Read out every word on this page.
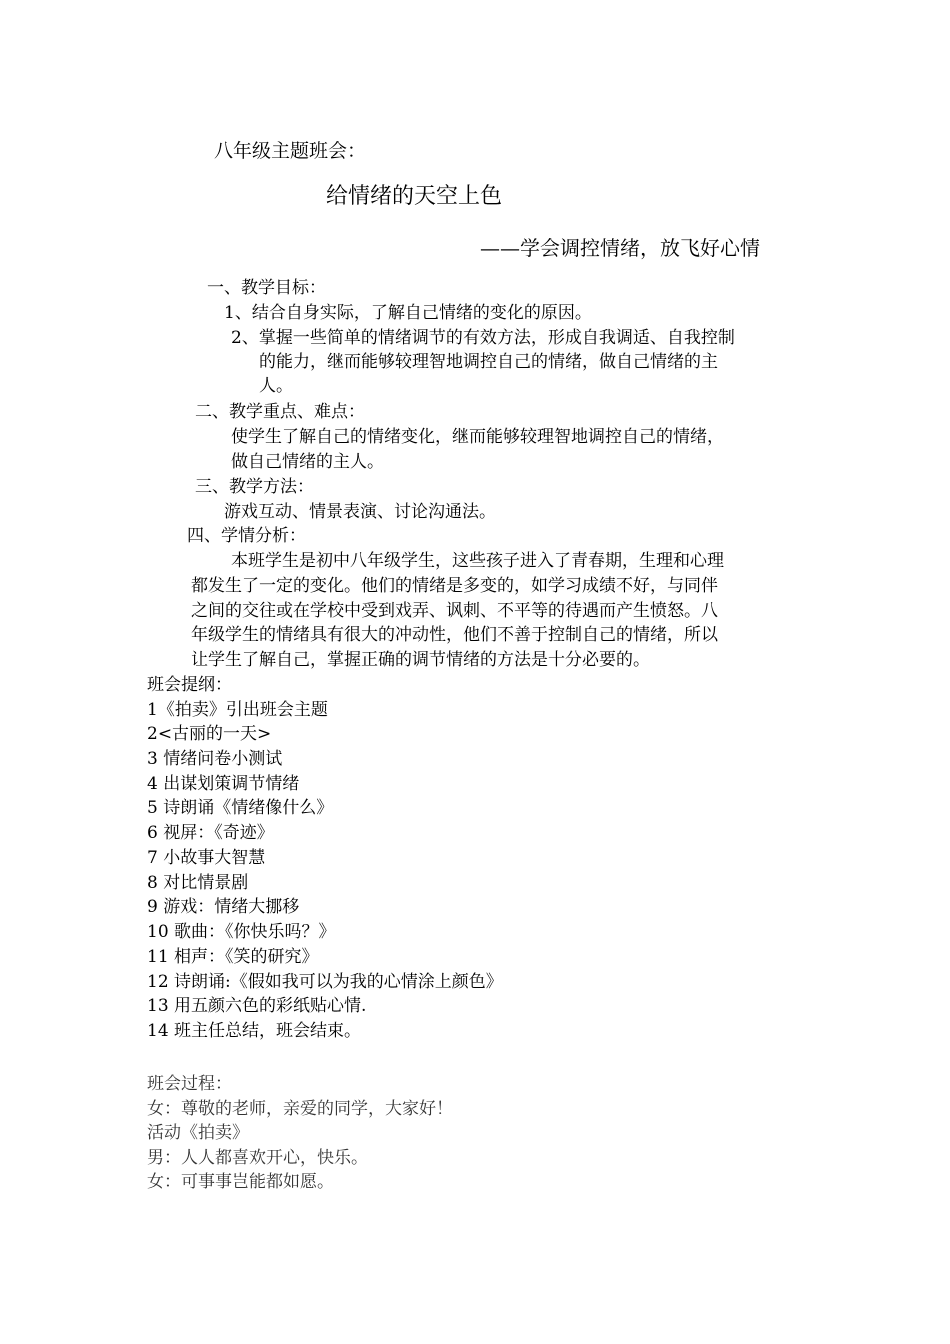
八年级主题班会：
给情绪的天空上色
——学会调控情绪，放飞好心情
一、教学目标：
1、结合自身实际，了解自己情绪的变化的原因。
2、掌握一些简单的情绪调节的有效方法，形成自我调适、自我控制
的能力，继而能够较理智地调控自己的情绪，做自己情绪的主
人。
二、教学重点、难点：
使学生了解自己的情绪变化，继而能够较理智地调控自己的情绪，
做自己情绪的主人。
三、教学方法：
游戏互动、情景表演、讨论沟通法。
四、学情分析：
本班学生是初中八年级学生，这些孩子进入了青春期，生理和心理
都发生了一定的变化。他们的情绪是多变的，如学习成绩不好，与同伴
之间的交往或在学校中受到戏弄、讽刺、不平等的待遇而产生愤怒。八
年级学生的情绪具有很大的冲动性，他们不善于控制自己的情绪，所以
让学生了解自己，掌握正确的调节情绪的方法是十分必要的。
班会提纲：
1《拍卖》引出班会主题
2<古丽的一天>
3 情绪问卷小测试
4 出谋划策调节情绪
5 诗朗诵《情绪像什么》
6 视屏：《奇迹》
7 小故事大智慧
8 对比情景剧
9 游戏：情绪大挪移
10 歌曲：《你快乐吗？》
11 相声：《笑的研究》
12 诗朗诵:《假如我可以为我的心情涂上颜色》
13 用五颜六色的彩纸贴心情.
14 班主任总结，班会结束。
班会过程：
女：尊敬的老师，亲爱的同学，大家好！
活动《拍卖》
男：人人都喜欢开心，快乐。
女：可事事岂能都如愿。
